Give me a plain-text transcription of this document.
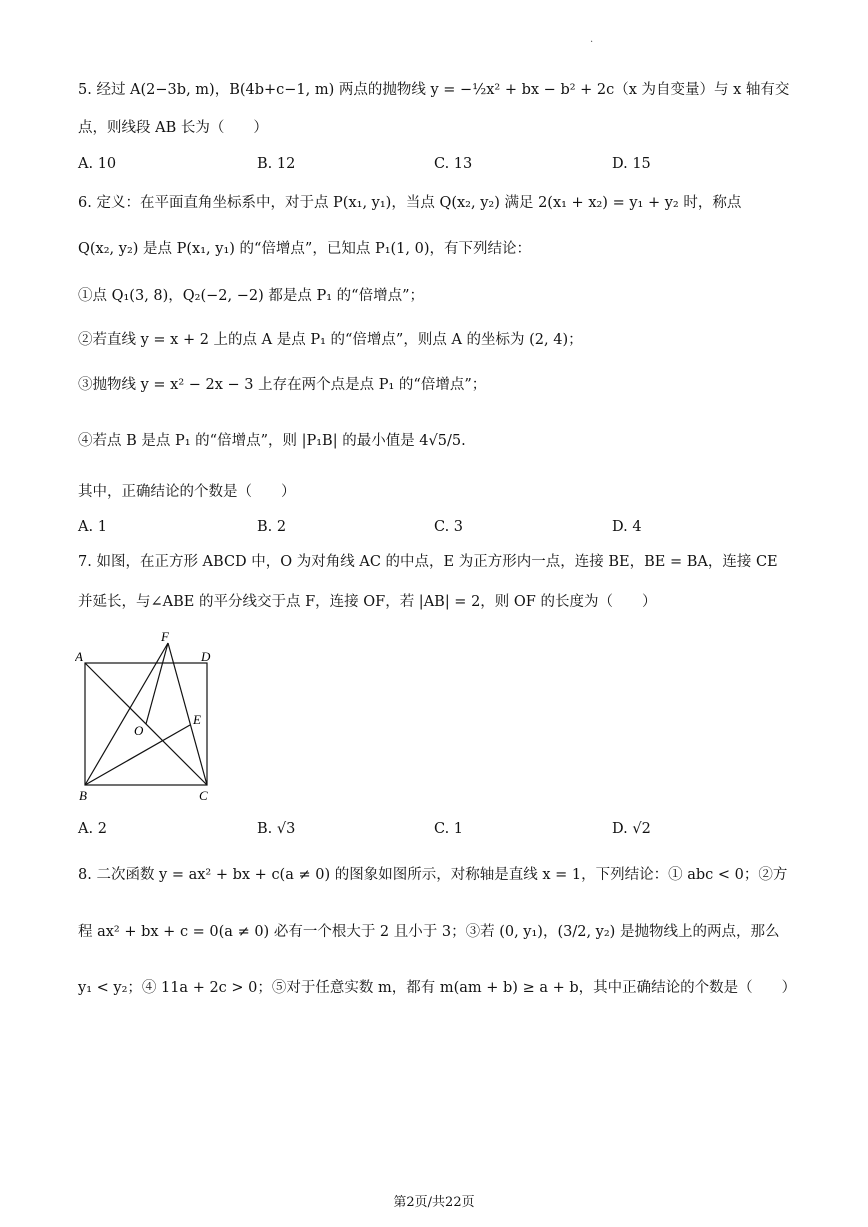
.
5. 经过 A(2−3b, m)，B(4b+c−1, m) 两点的抛物线 y = −½x² + bx − b² + 2c（x 为自变量）与 x 轴有交
点，则线段 AB 长为（　　）
A. 10	B. 12	C. 13	D. 15
6. 定义：在平面直角坐标系中，对于点 P(x₁, y₁)，当点 Q(x₂, y₂) 满足 2(x₁ + x₂) = y₁ + y₂ 时，称点
Q(x₂, y₂) 是点 P(x₁, y₁) 的“倍增点”，已知点 P₁(1, 0)，有下列结论：
①点 Q₁(3, 8)，Q₂(−2, −2) 都是点 P₁ 的“倍增点”；
②若直线 y = x + 2 上的点 A 是点 P₁ 的“倍增点”，则点 A 的坐标为 (2, 4)；
③抛物线 y = x² − 2x − 3 上存在两个点是点 P₁ 的“倍增点”；
④若点 B 是点 P₁ 的“倍增点”，则 |P₁B| 的最小值是 4√5/5.
其中，正确结论的个数是（　　）
A. 1	B. 2	C. 3	D. 4
7. 如图，在正方形 ABCD 中，O 为对角线 AC 的中点，E 为正方形内一点，连接 BE，BE = BA，连接 CE
并延长，与∠ABE 的平分线交于点 F，连接 OF，若 |AB| = 2，则 OF 的长度为（　　）
A	D
B	C
E
F
O
A. 2	B. √3	C. 1	D. √2
8. 二次函数 y = ax² + bx + c(a ≠ 0) 的图象如图所示，对称轴是直线 x = 1，下列结论：① abc < 0；②方
程 ax² + bx + c = 0(a ≠ 0) 必有一个根大于 2 且小于 3；③若 (0, y₁)，(3/2, y₂) 是抛物线上的两点，那么
y₁ < y₂；④ 11a + 2c > 0；⑤对于任意实数 m，都有 m(am + b) ≥ a + b，其中正确结论的个数是（　　）
第2页/共22页
